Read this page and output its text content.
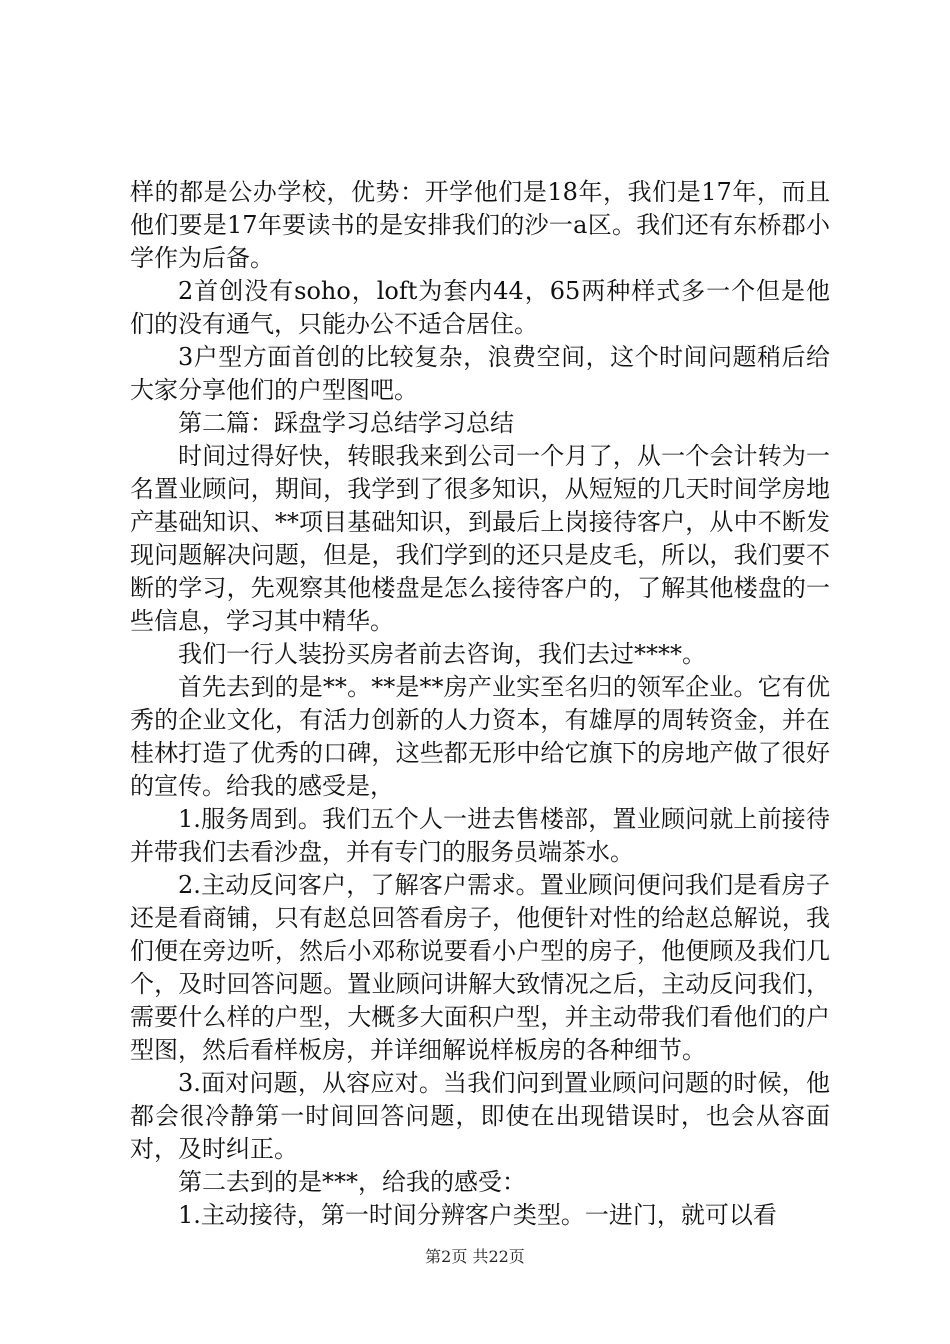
样的都是公办学校，优势：开学他们是18年，我们是17年，而且他们要是17年要读书的是安排我们的沙一a区。我们还有东桥郡小学作为后备。

2首创没有soho，loft为套内44，65两种样式多一个但是他们的没有通气，只能办公不适合居住。

3户型方面首创的比较复杂，浪费空间，这个时间问题稍后给大家分享他们的户型图吧。

第二篇：踩盘学习总结学习总结

时间过得好快，转眼我来到公司一个月了，从一个会计转为一名置业顾问，期间，我学到了很多知识，从短短的几天时间学房地产基础知识、**项目基础知识，到最后上岗接待客户，从中不断发现问题解决问题，但是，我们学到的还只是皮毛，所以，我们要不断的学习，先观察其他楼盘是怎么接待客户的，了解其他楼盘的一些信息，学习其中精华。

我们一行人装扮买房者前去咨询，我们去过****。

首先去到的是**。**是**房产业实至名归的领军企业。它有优秀的企业文化，有活力创新的人力资本，有雄厚的周转资金，并在桂林打造了优秀的口碑，这些都无形中给它旗下的房地产做了很好的宣传。给我的感受是，

1.服务周到。我们五个人一进去售楼部，置业顾问就上前接待并带我们去看沙盘，并有专门的服务员端茶水。

2.主动反问客户，了解客户需求。置业顾问便问我们是看房子还是看商铺，只有赵总回答看房子，他便针对性的给赵总解说，我们便在旁边听，然后小邓称说要看小户型的房子，他便顾及我们几个，及时回答问题。置业顾问讲解大致情况之后，主动反问我们，需要什么样的户型，大概多大面积户型，并主动带我们看他们的户型图，然后看样板房，并详细解说样板房的各种细节。

3.面对问题，从容应对。当我们问到置业顾问问题的时候，他都会很冷静第一时间回答问题，即使在出现错误时，也会从容面对，及时纠正。

第二去到的是***，给我的感受：

1.主动接待，第一时间分辨客户类型。一进门，就可以看

第2页 共22页
